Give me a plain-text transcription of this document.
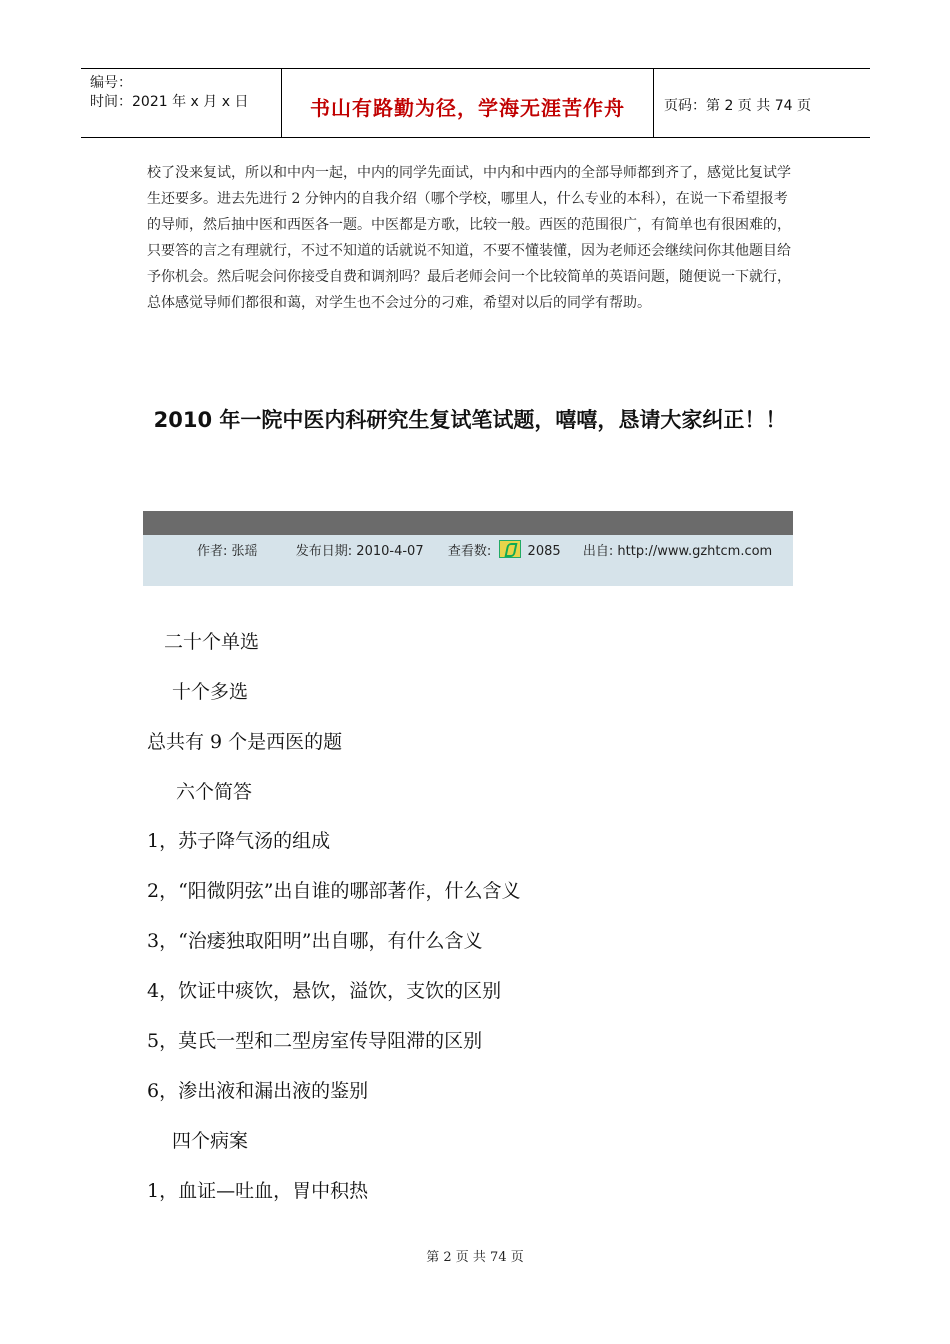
编号：
时间：2021 年 x 月 x 日	书山有路勤为径，学海无涯苦作舟	页码：第 2 页 共 74 页
校了没来复试，所以和中内一起，中内的同学先面试，中内和中西内的全部导师都到齐了，感觉比复试学生还要多。进去先进行 2 分钟内的自我介绍（哪个学校，哪里人，什么专业的本科），在说一下希望报考的导师，然后抽中医和西医各一题。中医都是方歌，比较一般。西医的范围很广，有简单也有很困难的，只要答的言之有理就行，不过不知道的话就说不知道，不要不懂装懂，因为老师还会继续问你其他题目给予你机会。然后呢会问你接受自费和调剂吗？最后老师会问一个比较简单的英语问题，随便说一下就行，总体感觉导师们都很和蔼，对学生也不会过分的刁难，希望对以后的同学有帮助。
2010 年一院中医内科研究生复试笔试题，嘻嘻，恳请大家纠正！！
作者: 张瑶	发布日期: 2010-4-07 查看数:	2085 出自: http://www.gzhtcm.com
二十个单选
十个多选
总共有 9 个是西医的题
六个简答
1，苏子降气汤的组成
2，“阳微阴弦”出自谁的哪部著作，什么含义
3，“治痿独取阳明”出自哪，有什么含义
4，饮证中痰饮，悬饮，溢饮，支饮的区别
5，莫氏一型和二型房室传导阻滞的区别
6，渗出液和漏出液的鉴别
四个病案
1，血证—吐血，胃中积热
第 2 页 共 74 页
